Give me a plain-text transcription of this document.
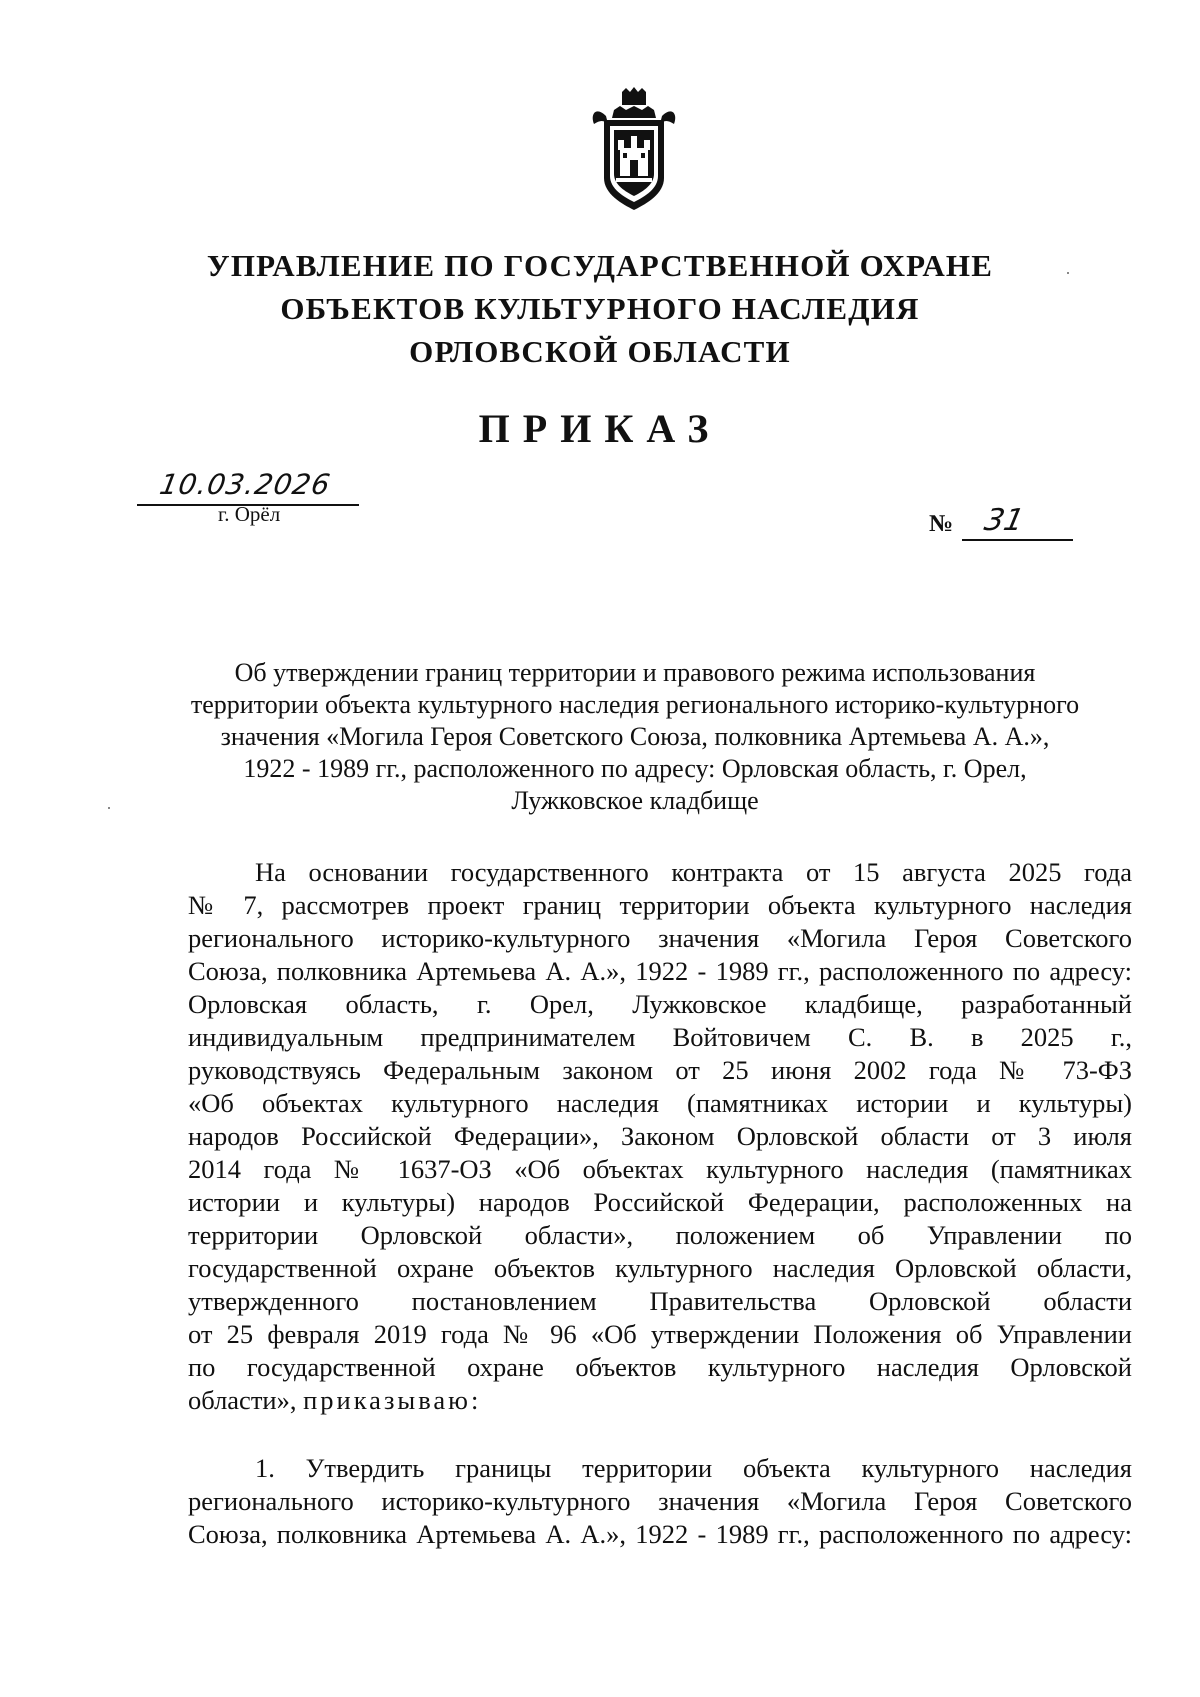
УПРАВЛЕНИЕ ПО ГОСУДАРСТВЕННОЙ ОХРАНЕ
ОБЪЕКТОВ КУЛЬТУРНОГО НАСЛЕДИЯ
ОРЛОВСКОЙ ОБЛАСТИ
ПРИКАЗ
10.03.2026
г. Орёл	№ 31
Об утверждении границ территории и правового режима использования
территории объекта культурного наследия регионального историко-культурного
значения «Могила Героя Советского Союза, полковника Артемьева А. А.»,
1922 - 1989 гг., расположенного по адресу: Орловская область, г. Орел,
Лужковское кладбище
На основании государственного контракта от 15 августа 2025 года
№ 7, рассмотрев проект границ территории объекта культурного наследия
регионального историко-культурного значения «Могила Героя Советского
Союза, полковника Артемьева А. А.», 1922 - 1989 гг., расположенного по адресу:
Орловская область, г. Орел, Лужковское кладбище, разработанный
индивидуальным предпринимателем Войтовичем С. В. в 2025 г.,
руководствуясь Федеральным законом от 25 июня 2002 года № 73-ФЗ
«Об объектах культурного наследия (памятниках истории и культуры)
народов Российской Федерации», Законом Орловской области от 3 июля
2014 года № 1637-ОЗ «Об объектах культурного наследия (памятниках
истории и культуры) народов Российской Федерации, расположенных на
территории Орловской области», положением об Управлении по
государственной охране объектов культурного наследия Орловской области,
утвержденного постановлением Правительства Орловской области
от 25 февраля 2019 года № 96 «Об утверждении Положения об Управлении
по государственной охране объектов культурного наследия Орловской
области», приказываю:
1. Утвердить границы территории объекта культурного наследия
регионального историко-культурного значения «Могила Героя Советского
Союза, полковника Артемьева А. А.», 1922 - 1989 гг., расположенного по адресу:
